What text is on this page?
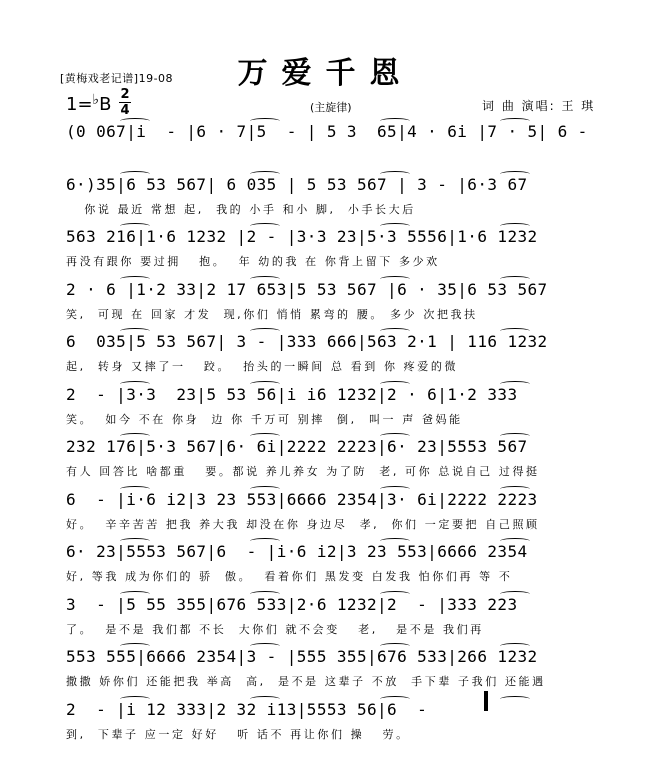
[黄梅戏老记谱]19-08	万爱千恩
1=♭B 2
4	(主旋律)	词 曲 演唱: 王 琪
(0 067|i  - |6 · 7|5  - | 5 3  65|4 · 6i |7 · 5| 6 -
6·)35|6 53 567| 6 035 | 5 53 567 | 3 - |6·3 67
你说 最近 常想 起,  我的 小手 和小 脚,  小手长大后
563 216|1·6 1232 |2 - |3·3 23|5·3 5556|1·6 1232
再没有跟你 要过拥   抱。  年 幼的我 在 你背上留下 多少欢
2 · 6 |1·2 33|2 17 653|5 53 567 |6 · 35|6 53 567
笑,  可现 在 回家 才发  现,你们 悄悄 累弯的 腰。 多少 次把我扶
6  035|5 53 567| 3 - |333 666|563 2·1 | 116 1232
起,  转身 又摔了一   跤。  抬头的一瞬间 总 看到 你 疼爱的微
2  - |3·3  23|5 53 56|i i6 1232|2 · 6|1·2 333
笑。  如今 不在 你身  边 你 千万可 别摔  倒,  叫一 声 爸妈能
232 176|5·3 567|6· 6i|2222 2223|6· 23|5553 567
有人 回答比 啥都重   要。都说 养儿养女 为了防  老, 可你 总说自己 过得挺
6  - |i·6 i2|3 23 553|6666 2354|3· 6i|2222 2223
好。  辛辛苦苦 把我 养大我 却没在你 身边尽  孝,  你们 一定要把 自己照顾
6· 23|5553 567|6  - |i·6 i2|3 23 553|6666 2354
好, 等我 成为你们的 骄  傲。  看着你们 黑发变 白发我 怕你们再 等 不
3  - |5 55 355|676 533|2·6 1232|2  - |333 223
了。  是不是 我们都 不长  大你们 就不会变   老,   是不是 我们再
553 555|6666 2354|3 - |555 355|676 533|266 1232
撒撒 娇你们 还能把我 举高  高,  是不是 这辈子 不放  手下辈 子我们 还能遇
2  - |i 12 333|2 32 i13|5553 56|6  -
到,  下辈子 应一定 好好   听 话不 再让你们 操   劳。
